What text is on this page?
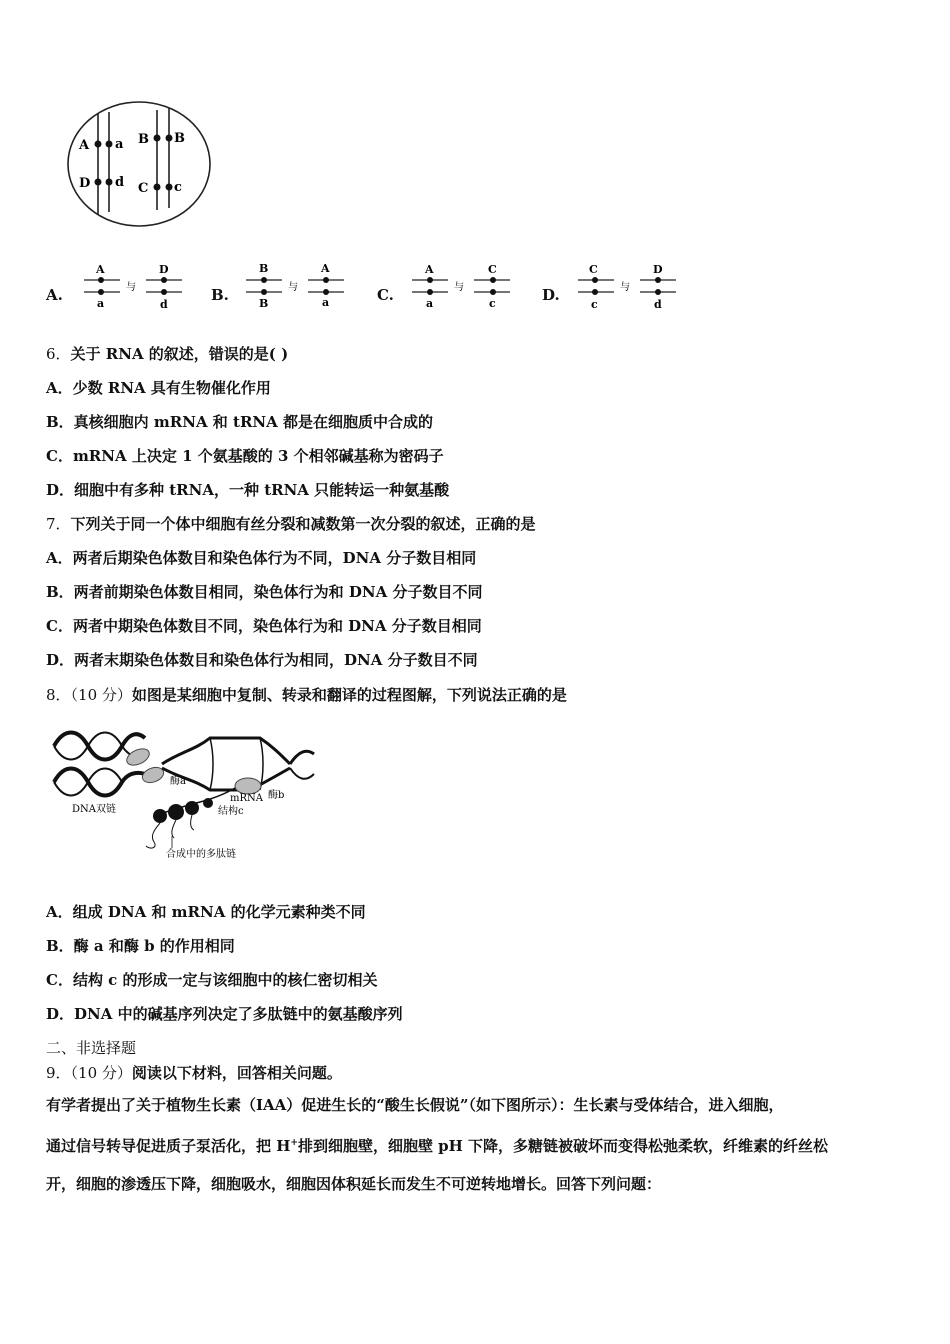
A a
D d
B B
C c
A.
A
a
与
D
d
B.
B
B
与
A
a	C.
A
a
与
C
c	D.
C
c
与
D
d
6．关于 RNA 的叙述，错误的是( )
A．少数 RNA 具有生物催化作用
B．真核细胞内 mRNA 和 tRNA 都是在细胞质中合成的
C．mRNA 上决定 1 个氨基酸的 3 个相邻碱基称为密码子
D．细胞中有多种 tRNA，一种 tRNA 只能转运一种氨基酸
7．下列关于同一个体中细胞有丝分裂和减数第一次分裂的叙述，正确的是
A．两者后期染色体数目和染色体行为不同，DNA 分子数目相同
B．两者前期染色体数目相同，染色体行为和 DNA 分子数目不同
C．两者中期染色体数目不同，染色体行为和 DNA 分子数目相同
D．两者末期染色体数目和染色体行为相同，DNA 分子数目不同
8．（10 分）如图是某细胞中复制、转录和翻译的过程图解，下列说法正确的是
酶a
mRNA 酶b
DNA双链	结构c
合成中的多肽链
A．组成 DNA 和 mRNA 的化学元素种类不同
B．酶 a 和酶 b 的作用相同
C．结构 c 的形成一定与该细胞中的核仁密切相关
D．DNA 中的碱基序列决定了多肽链中的氨基酸序列
二、非选择题
9．（10 分）阅读以下材料，回答相关问题。
有学者提出了关于植物生长素（IAA）促进生长的“酸生长假说”（如下图所示）：生长素与受体结合，进入细胞，
通过信号转导促进质子泵活化，把 H+排到细胞壁，细胞壁 pH 下降，多糖链被破坏而变得松弛柔软，纤维素的纤丝松
开，细胞的渗透压下降，细胞吸水，细胞因体积延长而发生不可逆转地增长。回答下列问题：
